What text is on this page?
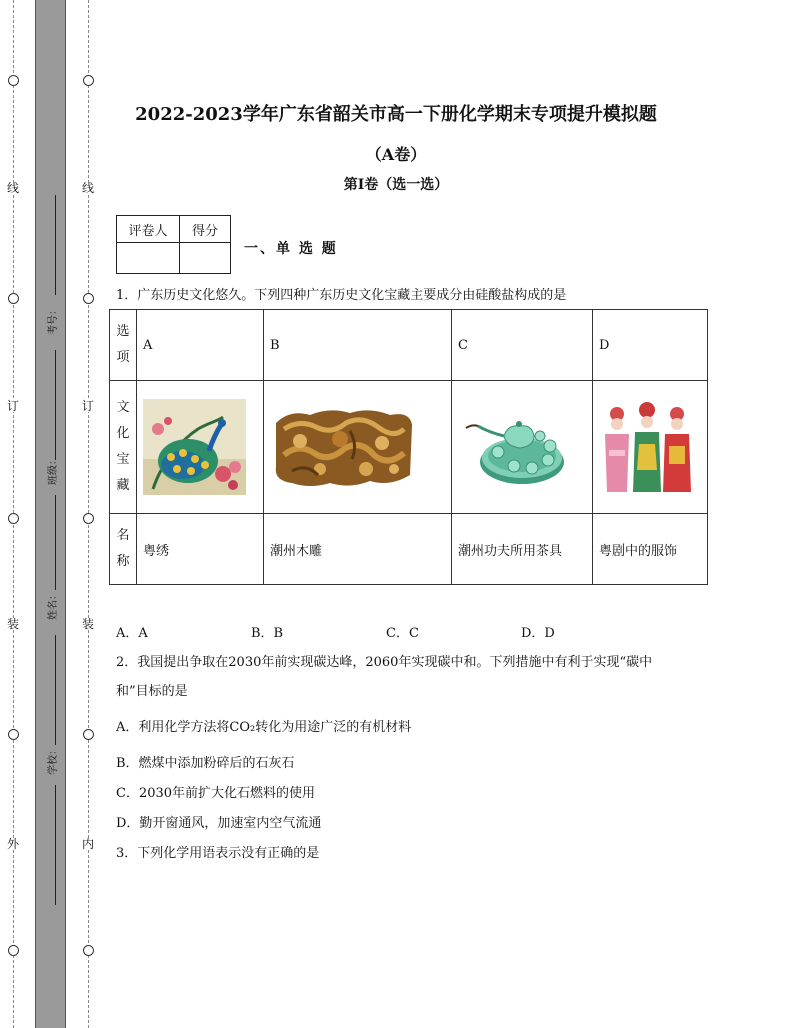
线
订
装
外
线
订
装
内
考号：
班级：
姓名：
学校：
2022-2023学年广东省韶关市高一下册化学期末专项提升模拟题
（A卷）
第I卷（选一选）
评卷人	得分

一、单 选 题
1．广东历史文化悠久。下列四种广东历史文化宝藏主要成分由硅酸盐构成的是
选
项	A	B	C	D
文
化
宝
藏	

名
称	粤绣	潮州木雕	潮州功夫所用茶具	粤剧中的服饰
A．A	B．B	C．C	D．D
2．我国提出争取在2030年前实现碳达峰，2060年实现碳中和。下列措施中有利于实现“碳中
和”目标的是
A．利用化学方法将CO₂转化为用途广泛的有机材料
B．燃煤中添加粉碎后的石灰石
C．2030年前扩大化石燃料的使用
D．勤开窗通风，加速室内空气流通
3．下列化学用语表示没有正确的是
